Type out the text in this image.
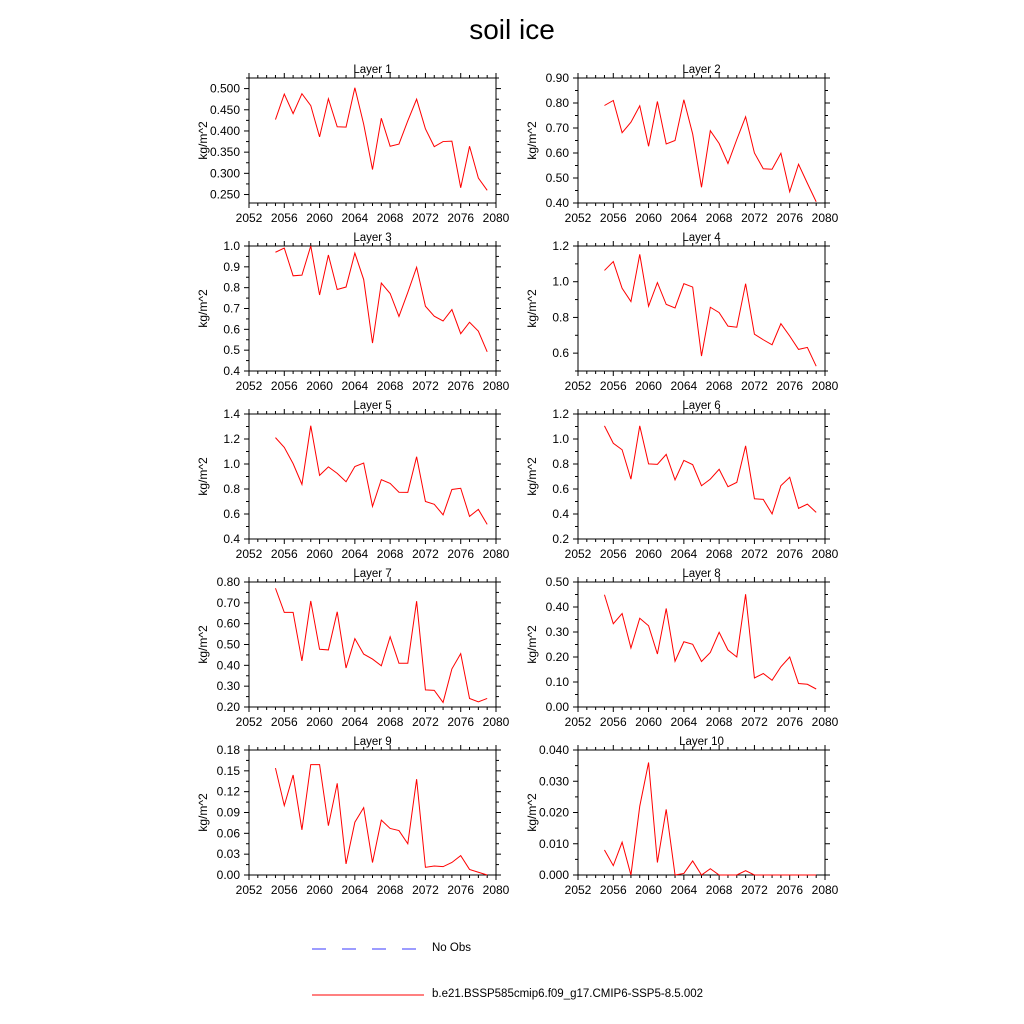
soil ice
Layer 1
kg/m^2
2052 2056 2060 2064 2068 2072 2076 2080
0.250
0.300
0.350
0.400
0.450
0.500
Layer 2
kg/m^2
2052 2056 2060 2064 2068 2072 2076 2080
0.40
0.50
0.60
0.70
0.80
0.90
Layer 3
kg/m^2
2052 2056 2060 2064 2068 2072 2076 2080
0.4
0.5
0.6
0.7
0.8
0.9
1.0
Layer 4
kg/m^2
2052 2056 2060 2064 2068 2072 2076 2080
0.6
0.8
1.0
1.2
Layer 5
kg/m^2
2052 2056 2060 2064 2068 2072 2076 2080
0.4
0.6
0.8
1.0
1.2
1.4
Layer 6
kg/m^2
2052 2056 2060 2064 2068 2072 2076 2080
0.2
0.4
0.6
0.8
1.0
1.2
Layer 7
kg/m^2
2052 2056 2060 2064 2068 2072 2076 2080
0.20
0.30
0.40
0.50
0.60
0.70
0.80
Layer 8
kg/m^2
2052 2056 2060 2064 2068 2072 2076 2080
0.00
0.10
0.20
0.30
0.40
0.50
Layer 9
kg/m^2
2052 2056 2060 2064 2068 2072 2076 2080
0.00
0.03
0.06
0.09
0.12
0.15
0.18
Layer 10
kg/m^2
2052 2056 2060 2064 2068 2072 2076 2080
0.000
0.010
0.020
0.030
0.040
No Obs
b.e21.BSSP585cmip6.f09_g17.CMIP6-SSP5-8.5.002
